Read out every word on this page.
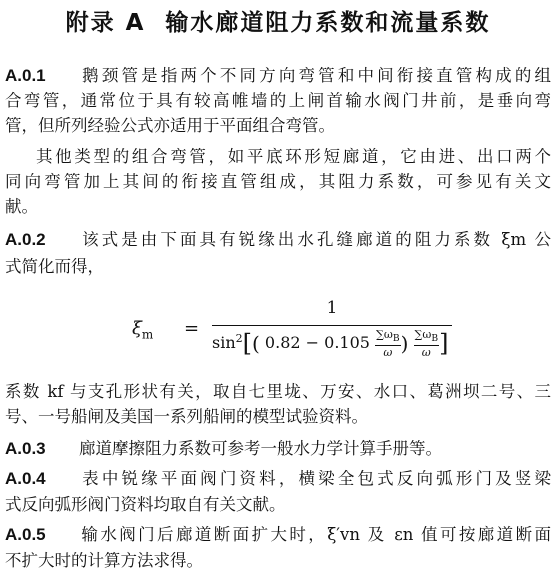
附录 A 输水廊道阻力系数和流量系数
A.0.1 鹅颈管是指两个不同方向弯管和中间衔接直管构成的组
合弯管，通常位于具有较高帷墙的上闸首输水阀门井前，是垂向弯
管，但所列经验公式亦适用于平面组合弯管。
其他类型的组合弯管，如平底环形短廊道，它由进、出口两个
同向弯管加上其间的衔接直管组成，其阻力系数，可参见有关文
献。
A.0.2 该式是由下面具有锐缘出水孔缝廊道的阻力系数 ξm 公
式简化而得，
$\xi_m$ =
1
$\sin^2$[( $0.82 - 0.105 \frac{\sum\omega_B}{\omega}$ ) $\frac{\sum\omega_B}{\omega}$ ]
系数 kf 与支孔形状有关，取自七里垅、万安、水口、葛洲坝二号、三
号、一号船闸及美国一系列船闸的模型试验资料。
A.0.3 廊道摩擦阻力系数可参考一般水力学计算手册等。
A.0.4 表中锐缘平面阀门资料，横梁全包式反向弧形门及竖梁
式反向弧形阀门资料均取自有关文献。
A.0.5 输水阀门后廊道断面扩大时，ξ′vn 及 εn 值可按廊道断面
不扩大时的计算方法求得。
